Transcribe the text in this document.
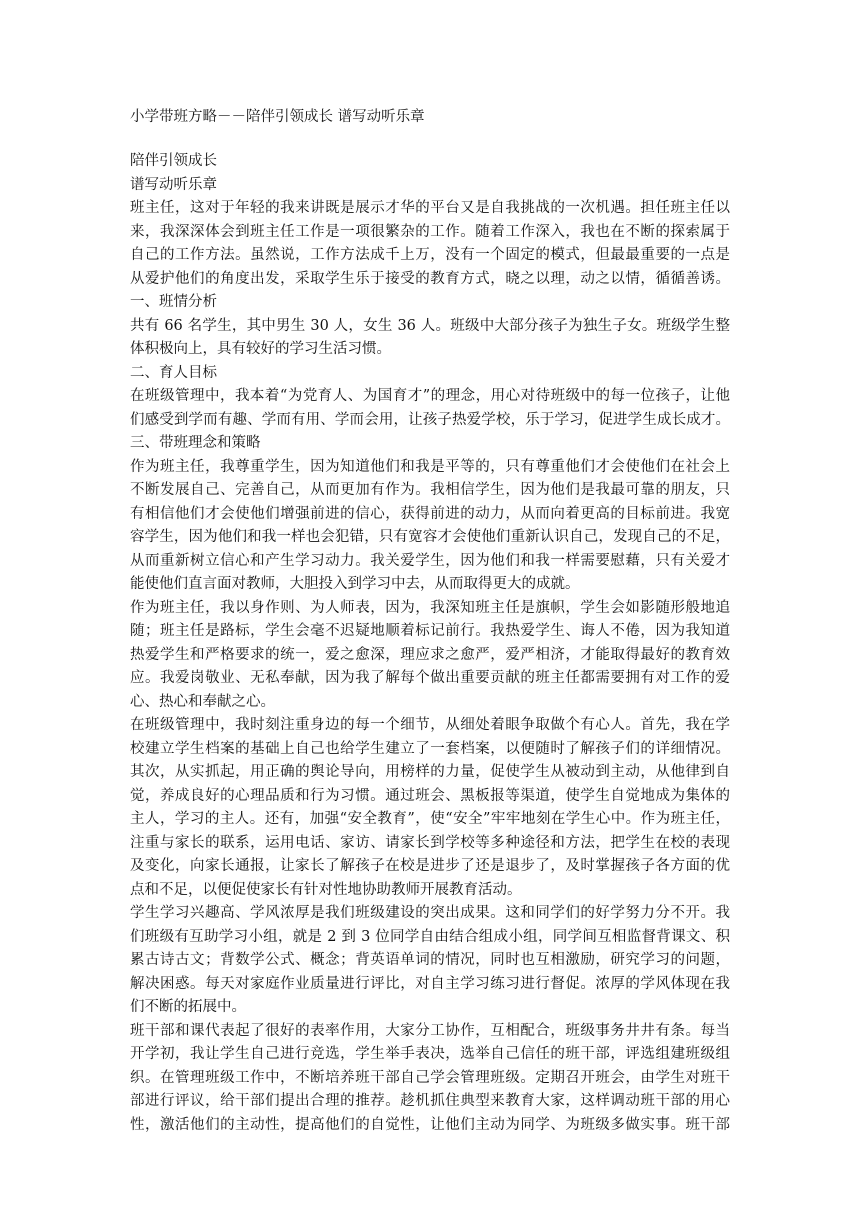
小学带班方略－－陪伴引领成长 谱写动听乐章
陪伴引领成长
谱写动听乐章
班主任，这对于年轻的我来讲既是展示才华的平台又是自我挑战的一次机遇。担任班主任以
来，我深深体会到班主任工作是一项很繁杂的工作。随着工作深入，我也在不断的探索属于
自己的工作方法。虽然说，工作方法成千上万，没有一个固定的模式，但最最重要的一点是
从爱护他们的角度出发，采取学生乐于接受的教育方式，晓之以理，动之以情，循循善诱。
一、班情分析
共有 66 名学生，其中男生 30 人，女生 36 人。班级中大部分孩子为独生子女。班级学生整
体积极向上，具有较好的学习生活习惯。
二、育人目标
在班级管理中，我本着“为党育人、为国育才”的理念，用心对待班级中的每一位孩子，让他
们感受到学而有趣、学而有用、学而会用，让孩子热爱学校，乐于学习，促进学生成长成才。
三、带班理念和策略
作为班主任，我尊重学生，因为知道他们和我是平等的，只有尊重他们才会使他们在社会上
不断发展自己、完善自己，从而更加有作为。我相信学生，因为他们是我最可靠的朋友，只
有相信他们才会使他们增强前进的信心，获得前进的动力，从而向着更高的目标前进。我宽
容学生，因为他们和我一样也会犯错，只有宽容才会使他们重新认识自己，发现自己的不足，
从而重新树立信心和产生学习动力。我关爱学生，因为他们和我一样需要慰藉，只有关爱才
能使他们直言面对教师，大胆投入到学习中去，从而取得更大的成就。
作为班主任，我以身作则、为人师表，因为，我深知班主任是旗帜，学生会如影随形般地追
随；班主任是路标，学生会毫不迟疑地顺着标记前行。我热爱学生、诲人不倦，因为我知道
热爱学生和严格要求的统一，爱之愈深，理应求之愈严，爱严相济，才能取得最好的教育效
应。我爱岗敬业、无私奉献，因为我了解每个做出重要贡献的班主任都需要拥有对工作的爱
心、热心和奉献之心。
在班级管理中，我时刻注重身边的每一个细节，从细处着眼争取做个有心人。首先，我在学
校建立学生档案的基础上自己也给学生建立了一套档案，以便随时了解孩子们的详细情况。
其次，从实抓起，用正确的舆论导向，用榜样的力量，促使学生从被动到主动，从他律到自
觉，养成良好的心理品质和行为习惯。通过班会、黑板报等渠道，使学生自觉地成为集体的
主人，学习的主人。还有，加强“安全教育”，使“安全”牢牢地刻在学生心中。作为班主任，
注重与家长的联系，运用电话、家访、请家长到学校等多种途径和方法，把学生在校的表现
及变化，向家长通报，让家长了解孩子在校是进步了还是退步了，及时掌握孩子各方面的优
点和不足，以便促使家长有针对性地协助教师开展教育活动。
学生学习兴趣高、学风浓厚是我们班级建设的突出成果。这和同学们的好学努力分不开。我
们班级有互助学习小组，就是 2 到 3 位同学自由结合组成小组，同学间互相监督背课文、积
累古诗古文；背数学公式、概念；背英语单词的情况，同时也互相激励，研究学习的问题，
解决困惑。每天对家庭作业质量进行评比，对自主学习练习进行督促。浓厚的学风体现在我
们不断的拓展中。
班干部和课代表起了很好的表率作用，大家分工协作，互相配合，班级事务井井有条。每当
开学初，我让学生自己进行竞选，学生举手表决，选举自己信任的班干部，评选组建班级组
织。在管理班级工作中，不断培养班干部自己学会管理班级。定期召开班会，由学生对班干
部进行评议，给干部们提出合理的推荐。趁机抓住典型来教育大家，这样调动班干部的用心
性，激活他们的主动性，提高他们的自觉性，让他们主动为同学、为班级多做实事。班干部
